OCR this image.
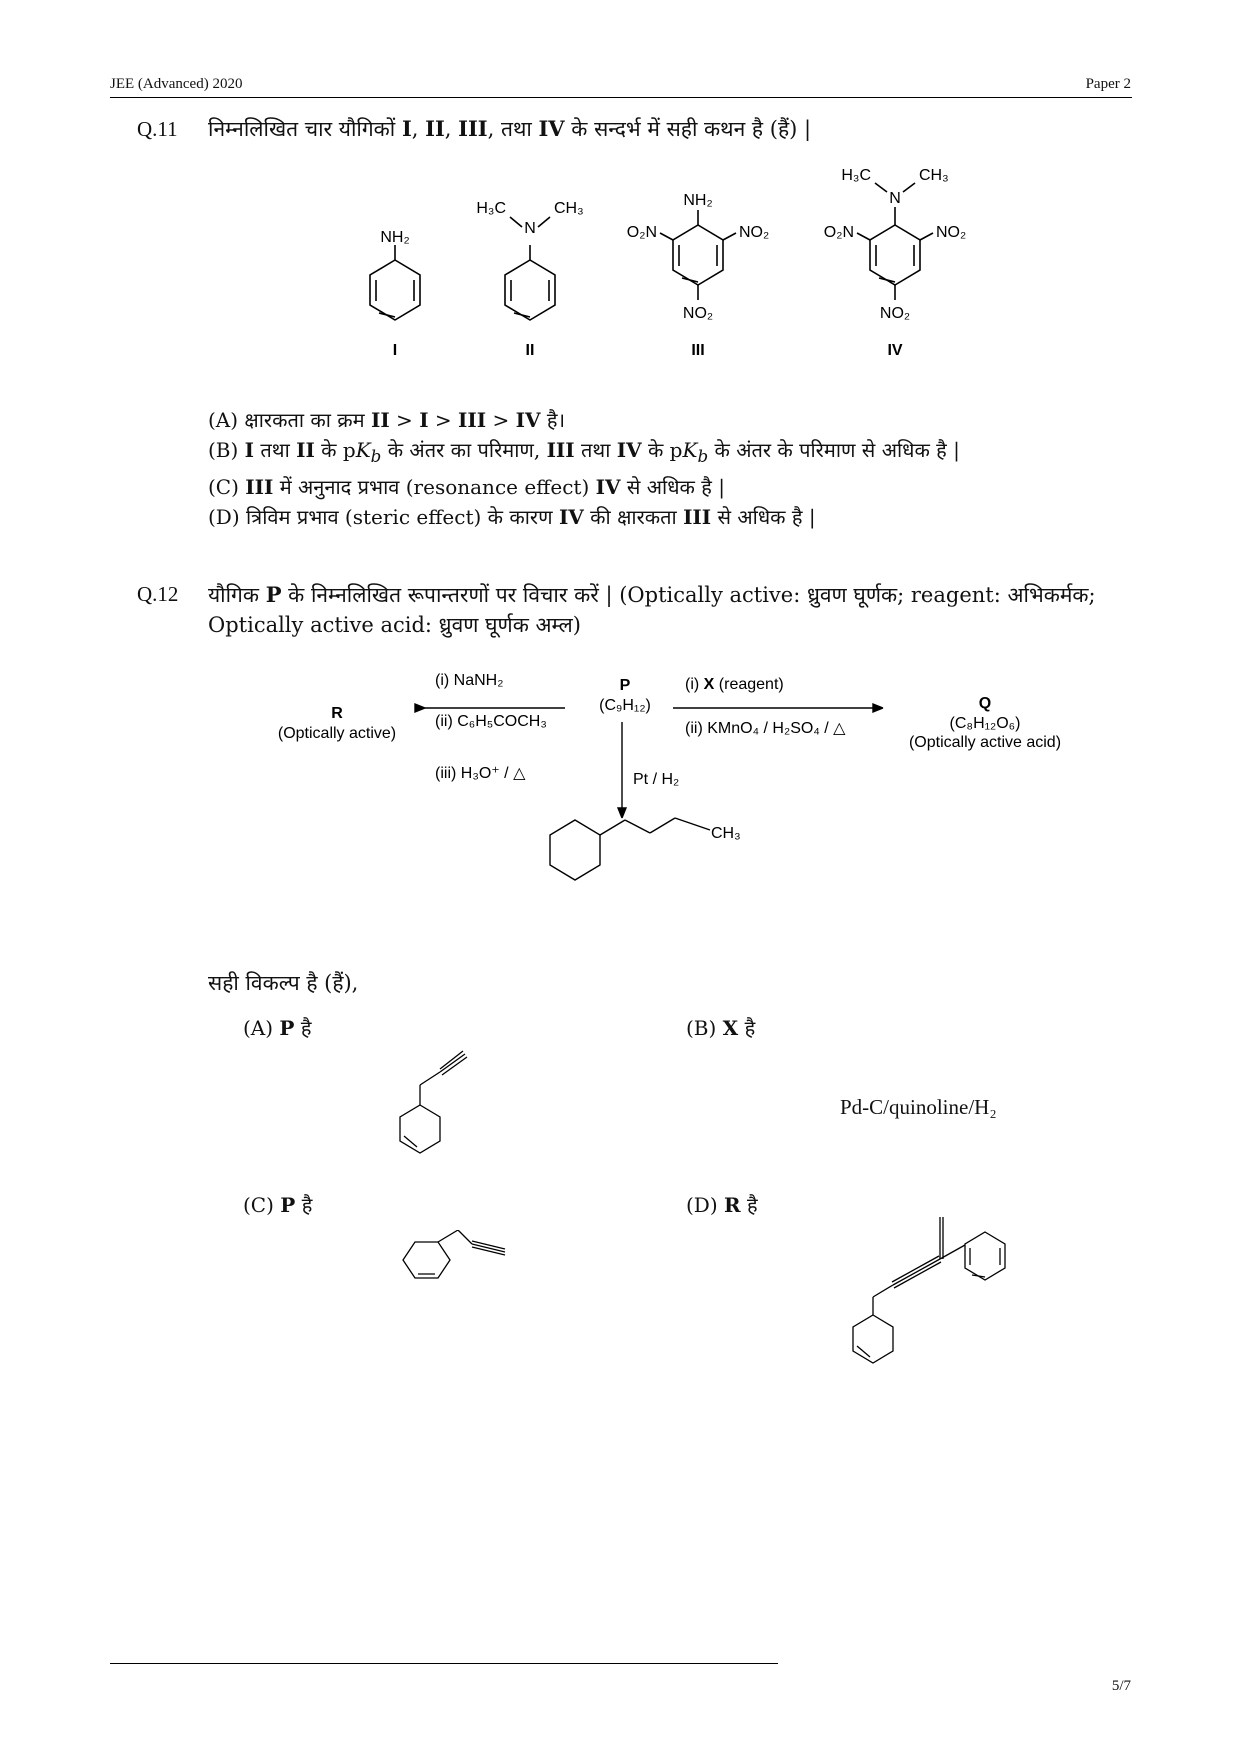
JEE (Advanced) 2020	Paper 2
Q.11 निम्नलिखित चार यौगिकों I, II, III, तथा IV के सन्दर्भ में सही कथन है (हैं) |
NH₂
N
H₃C	CH₃	NH₂
O₂N	NO₂
NO₂
N
H₃C	CH₃
O₂N	NO₂
NO₂
I	II	III	IV
(A) क्षारकता का क्रम II > I > III > IV है।
(B) I तथा II के $pK_b$ के अंतर का परिमाण, III तथा IV के $pK_b$ के अंतर के परिमाण से अधिक है |
(C) III में अनुनाद प्रभाव (resonance effect) IV से अधिक है |
(D) त्रिविम प्रभाव (steric effect) के कारण IV की क्षारकता III से अधिक है |
Q.12 यौगिक P के निम्नलिखित रूपान्तरणों पर विचार करें | (Optically active: ध्रुवण घूर्णक; reagent: अभिकर्मक;
Optically active acid: ध्रुवण घूर्णक अम्ल)
P
(C₉H₁₂)
(i) NaNH₂
(ii) C₆H₅COCH₃
(iii) H₃O⁺ / △
R
(Optically active)
(i) X (reagent)
(ii) KMnO₄ / H₂SO₄ / △
Q
(C₈H₁₂O₆)
(Optically active acid)
Pt / H₂
CH₃
सही विकल्प है (हैं),
(A) P है	(B) X है
Pd-C/quinoline/H₂
(C) P है	(D) R है
5/7
